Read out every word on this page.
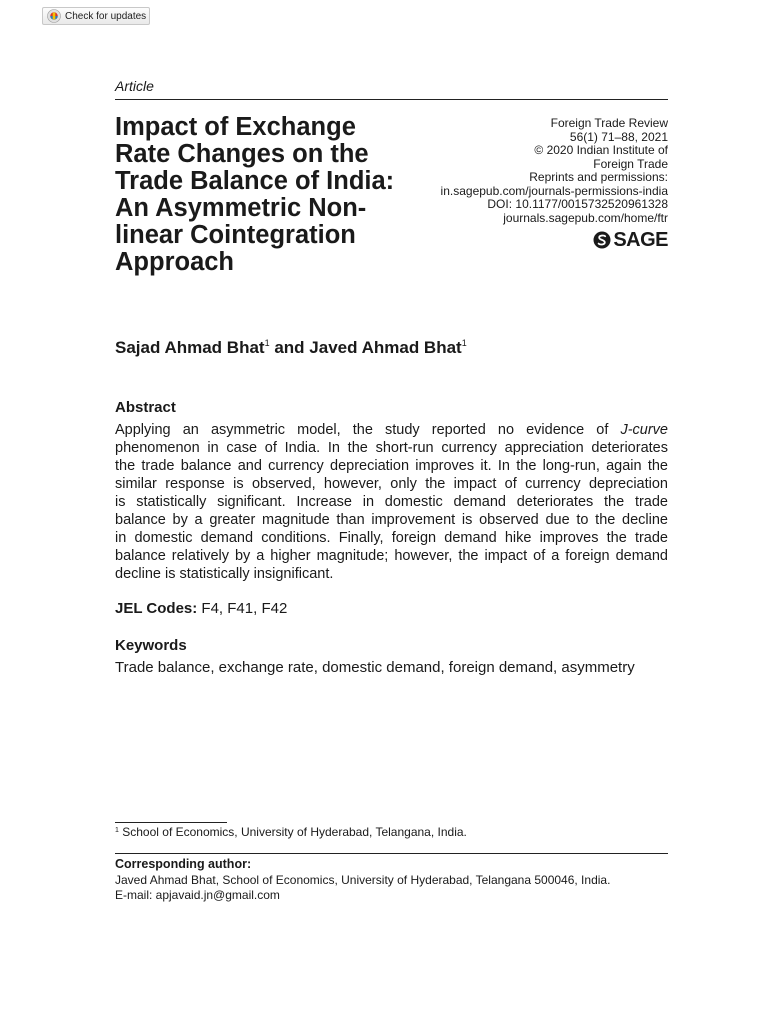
Check for updates
Article
Impact of Exchange
Rate Changes on the
Trade Balance of India:
An Asymmetric Non-
linear Cointegration
Approach
Foreign Trade Review
56(1) 71–88, 2021
© 2020 Indian Institute of
Foreign Trade
Reprints and permissions:
in.sagepub.com/journals-permissions-india
DOI: 10.1177/0015732520961328
journals.sagepub.com/home/ftr
SAGE
Sajad Ahmad Bhat$^1$ and Javed Ahmad Bhat$^1$
Abstract
Applying an asymmetric model, the study reported no evidence of J-curve
phenomenon in case of India. In the short-run currency appreciation deteriorates
the trade balance and currency depreciation improves it. In the long-run, again the
similar response is observed, however, only the impact of currency depreciation
is statistically significant. Increase in domestic demand deteriorates the trade
balance by a greater magnitude than improvement is observed due to the decline
in domestic demand conditions. Finally, foreign demand hike improves the trade
balance relatively by a higher magnitude; however, the impact of a foreign demand
decline is statistically insignificant.
JEL Codes: F4, F41, F42
Keywords
Trade balance, exchange rate, domestic demand, foreign demand, asymmetry
$^1$ School of Economics, University of Hyderabad, Telangana, India.
Corresponding author:
Javed Ahmad Bhat, School of Economics, University of Hyderabad, Telangana 500046, India.
E-mail: apjavaid.jn@gmail.com
